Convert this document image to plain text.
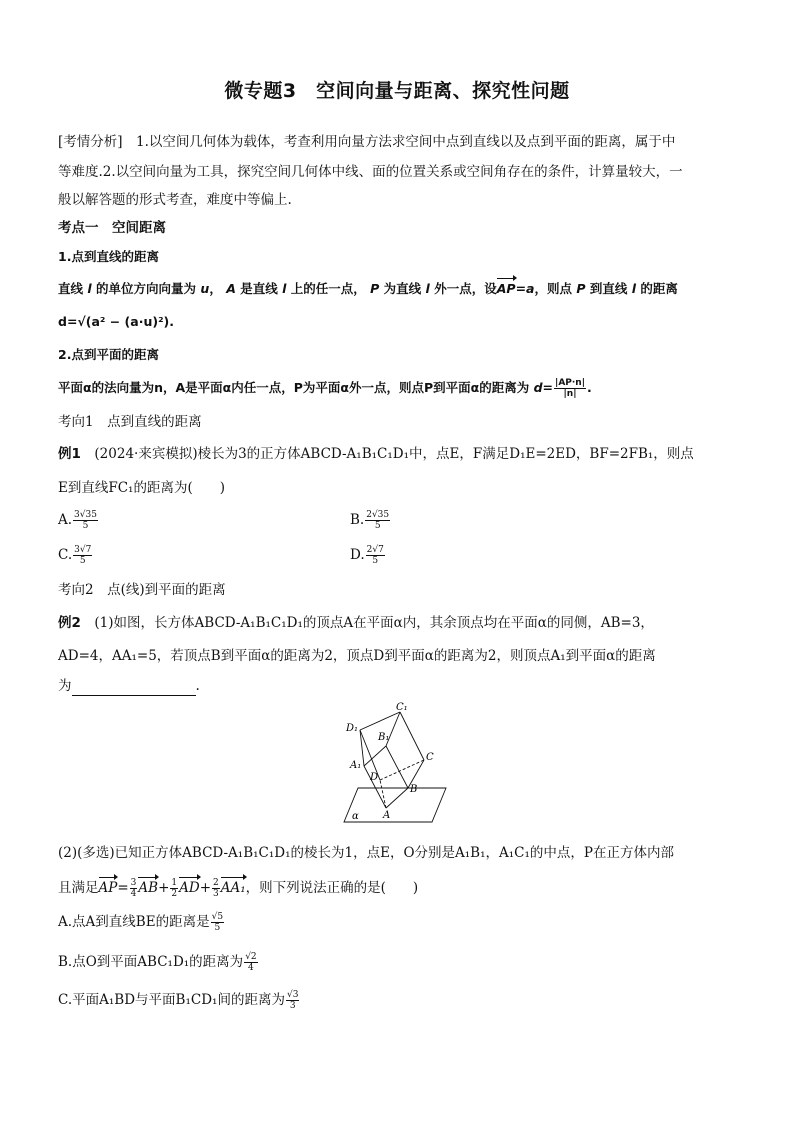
微专题3　空间向量与距离、探究性问题
[考情分析]　1.以空间几何体为载体，考查利用向量方法求空间中点到直线以及点到平面的距离，属于中
等难度.2.以空间向量为工具，探究空间几何体中线、面的位置关系或空间角存在的条件，计算量较大，一
般以解答题的形式考查，难度中等偏上.
考点一　空间距离
1.点到直线的距离
直线 l 的单位方向向量为 u， A 是直线 l 上的任一点， P 为直线 l 外一点，设AP=a，则点 P 到直线 l 的距离
d=√(a² − (a·u)²).
2.点到平面的距离
平面α的法向量为n，A是平面α内任一点，P为平面α外一点，则点P到平面α的距离为 $d= \frac{|AP\cdot n|}{|n|}$ .
考向1　点到直线的距离
例1　 (2024·来宾模拟)棱长为3的正方体ABCD-A₁B₁C₁D₁中，点E，F满足D₁E=2ED，BF=2FB₁，则点
E到直线FC₁的距离为(　　)
A. $\frac{3√35}{5}$	B. $\frac{2√35}{5}$
C. $\frac{3√7}{5}$	D. $\frac{2√7}{5}$
考向2　点(线)到平面的距离
例2　 (1)如图，长方体ABCD-A₁B₁C₁D₁的顶点A在平面α内，其余顶点均在平面α的同侧，AB=3，
AD=4，AA₁=5，若顶点B到平面α的距离为2，顶点D到平面α的距离为2，则顶点A₁到平面α的距离
为	.
C₁
D₁
B₁
A₁
C
D
B
A
α
(2)(多选)已知正方体ABCD-A₁B₁C₁D₁的棱长为1，点E，O分别是A₁B₁，A₁C₁的中点，P在正方体内部
且满足$AP= \frac{3}{4} AB+ \frac{1}{2} AD+ \frac{2}{3} AA_1$，则下列说法正确的是(　　)
A.点A到直线BE的距离是 $\frac{√5}{5}$
B.点O到平面ABC₁D₁的距离为 $\frac{√2}{4}$
C.平面A₁BD与平面B₁CD₁间的距离为 $\frac{√3}{3}$
